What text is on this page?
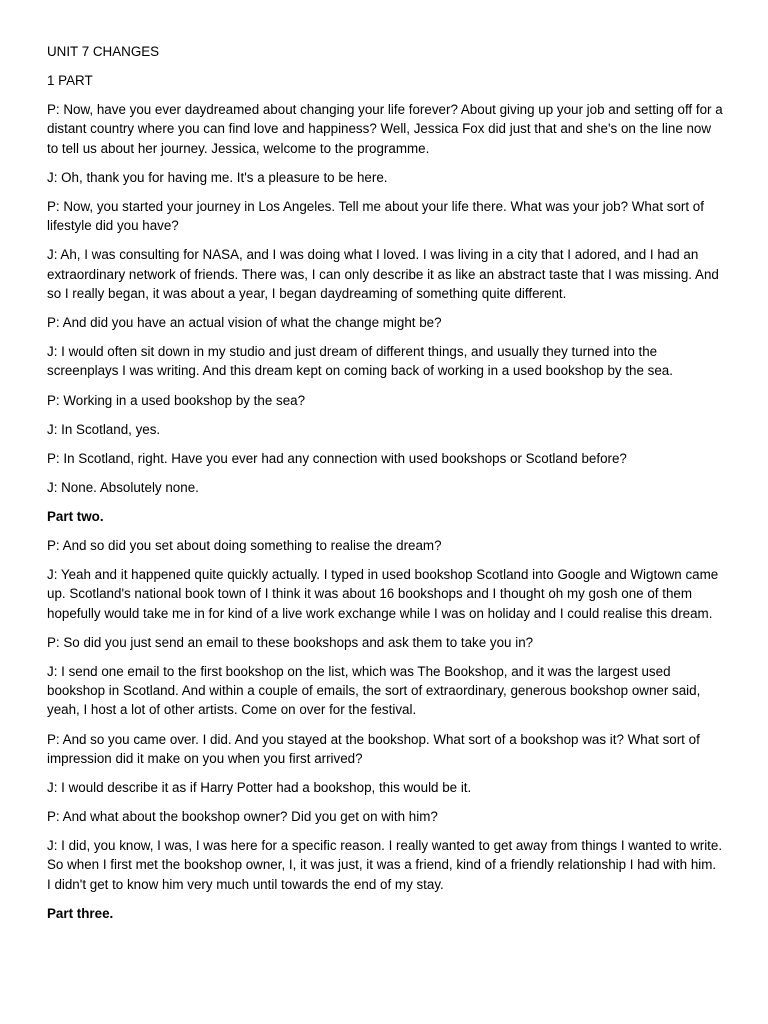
UNIT 7 CHANGES

1 PART

P: Now, have you ever daydreamed about changing your life forever? About giving up your job and setting off for a distant country where you can find love and happiness? Well, Jessica Fox did just that and she's on the line now to tell us about her journey. Jessica, welcome to the programme.

J: Oh, thank you for having me. It's a pleasure to be here.

P: Now, you started your journey in Los Angeles. Tell me about your life there. What was your job? What sort of lifestyle did you have?

J: Ah, I was consulting for NASA, and I was doing what I loved. I was living in a city that I adored, and I had an extraordinary network of friends. There was, I can only describe it as like an abstract taste that I was missing. And so I really began, it was about a year, I began daydreaming of something quite different.

P: And did you have an actual vision of what the change might be?

J: I would often sit down in my studio and just dream of different things, and usually they turned into the screenplays I was writing. And this dream kept on coming back of working in a used bookshop by the sea.

P: Working in a used bookshop by the sea?

J: In Scotland, yes.

P: In Scotland, right. Have you ever had any connection with used bookshops or Scotland before?

J: None. Absolutely none.

Part two.

P: And so did you set about doing something to realise the dream?

J: Yeah and it happened quite quickly actually. I typed in used bookshop Scotland into Google and Wigtown came up. Scotland's national book town of I think it was about 16 bookshops and I thought oh my gosh one of them hopefully would take me in for kind of a live work exchange while I was on holiday and I could realise this dream.

P: So did you just send an email to these bookshops and ask them to take you in?

J: I send one email to the first bookshop on the list, which was The Bookshop, and it was the largest used bookshop in Scotland. And within a couple of emails, the sort of extraordinary, generous bookshop owner said, yeah, I host a lot of other artists. Come on over for the festival.

P: And so you came over. I did. And you stayed at the bookshop. What sort of a bookshop was it? What sort of impression did it make on you when you first arrived?

J: I would describe it as if Harry Potter had a bookshop, this would be it.

P: And what about the bookshop owner? Did you get on with him?

J: I did, you know, I was, I was here for a specific reason. I really wanted to get away from things I wanted to write. So when I first met the bookshop owner, I, it was just, it was a friend, kind of a friendly relationship I had with him. I didn't get to know him very much until towards the end of my stay.

Part three.
